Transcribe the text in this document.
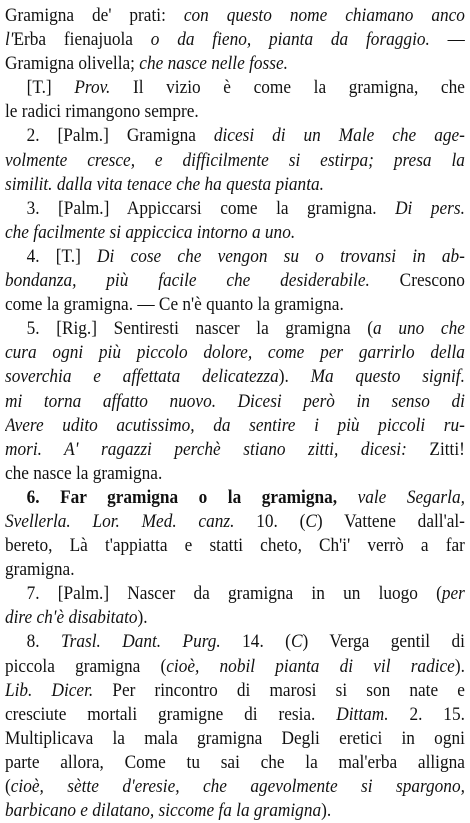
Gramigna de' prati: con questo nome chiamano anco
l'Erba fienajuola o da fieno, pianta da foraggio. —
Gramigna olivella; che nasce nelle fosse.
[T.] Prov. Il vizio è come la gramigna, che
le radici rimangono sempre.
2. [Palm.] Gramigna dicesi di un Male che age-
volmente cresce, e difficilmente si estirpa; presa la
similit. dalla vita tenace che ha questa pianta.
3. [Palm.] Appiccarsi come la gramigna. Di pers.
che facilmente si appiccica intorno a uno.
4. [T.] Di cose che vengon su o trovansi in ab-
bondanza, più facile che desiderabile. Crescono
come la gramigna. — Ce n'è quanto la gramigna.
5. [Rig.] Sentiresti nascer la gramigna (a uno che
cura ogni più piccolo dolore, come per garrirlo della
soverchia e affettata delicatezza). Ma questo signif.
mi torna affatto nuovo. Dicesi però in senso di
Avere udito acutissimo, da sentire i più piccoli ru-
mori. A' ragazzi perchè stiano zitti, dicesi: Zitti!
che nasce la gramigna.
6. Far gramigna o la gramigna, vale Segarla,
Svellerla. Lor. Med. canz. 10. (C) Vattene dall'al-
bereto, Là t'appiatta e statti cheto, Ch'i' verrò a far
gramigna.
7. [Palm.] Nascer da gramigna in un luogo (per
dire ch'è disabitato).
8. Trasl. Dant. Purg. 14. (C) Verga gentil di
piccola gramigna (cioè, nobil pianta di vil radice).
Lib. Dicer. Per rincontro di marosi si son nate e
cresciute mortali gramigne di resia. Dittam. 2. 15.
Multiplicava la mala gramigna Degli eretici in ogni
parte allora, Come tu sai che la mal'erba alligna
(cioè, sètte d'eresie, che agevolmente si spargono,
barbicano e dilatano, siccome fa la gramigna).
